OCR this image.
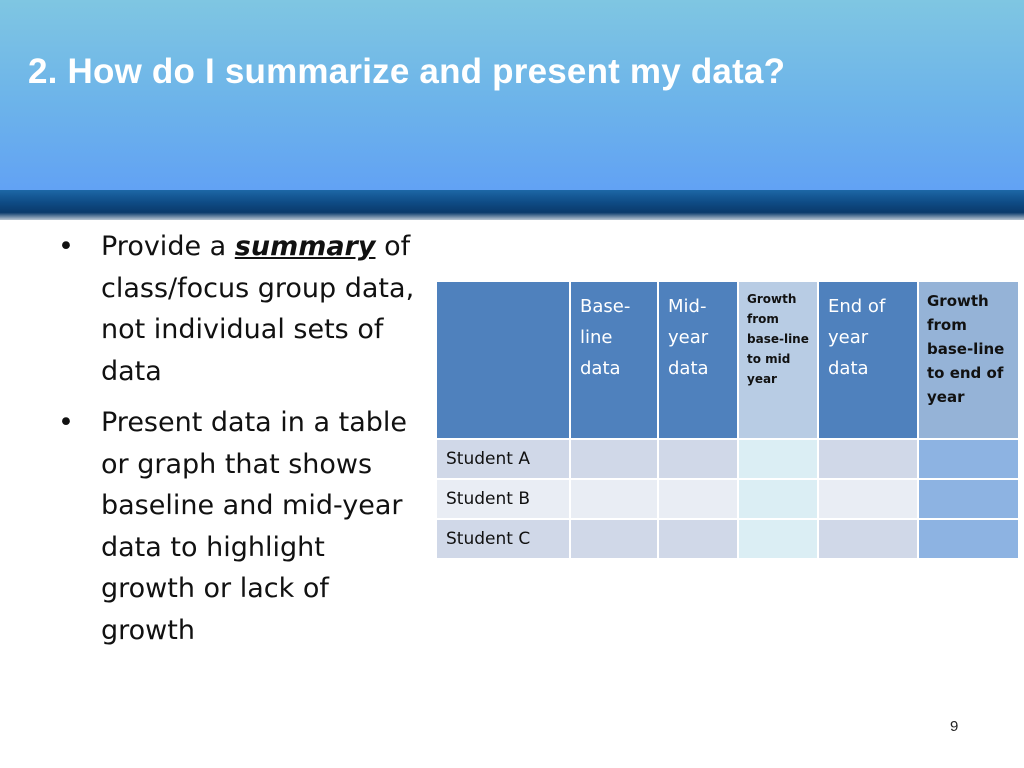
2. How do I summarize and present my data?
• Provide a summary of class/focus group data, not individual sets of data
• Present data in a table or graph that shows baseline and mid-year data to highlight growth or lack of growth

	Base-line data	Mid-year data	Growth from base-line to mid year	End of year data	Growth from base-line to end of year

Student A					
Student B					
Student C					
9
